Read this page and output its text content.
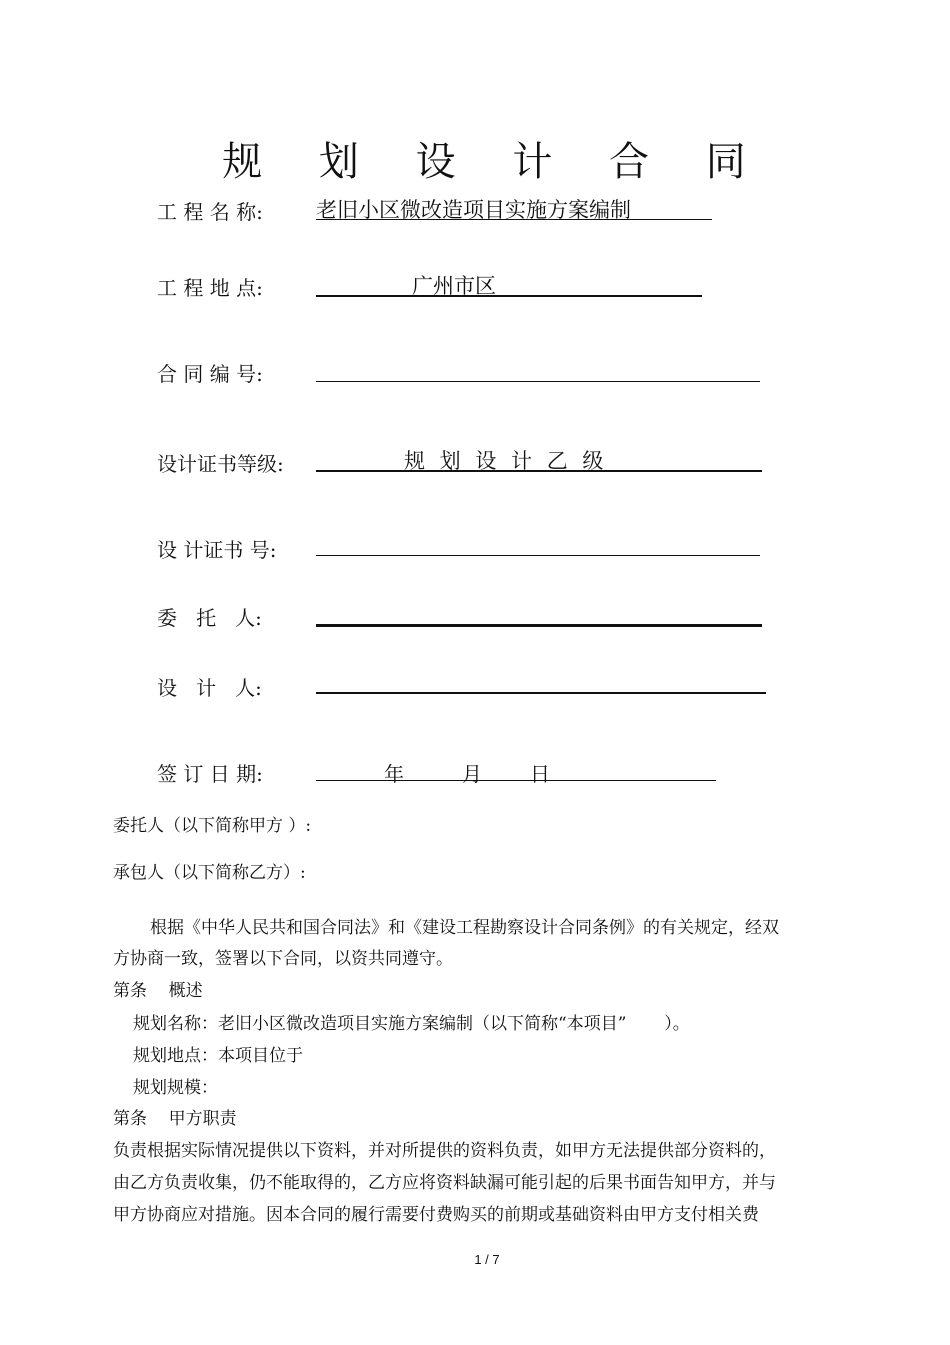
规 划 设 计 合 同
工 程 名 称:	老旧小区微改造项目实施方案编制
工 程 地 点:	广州市区
合 同 编 号:
设计证书等级:	规 划 设 计 乙 级
设 计证书 号:
委   托   人:
设   计   人:
签 订 日 期:	年	月 日
委托人（以下简称甲方 ）:
承包人（以下简称乙方）:
根据《中华人民共和国合同法》和《建设工程勘察设计合同条例》的有关规定，经双
方协商一致，签署以下合同，以资共同遵守。
第条    概述
规划名称：老旧小区微改造项目实施方案编制（以下简称“本项目”       ）。
规划地点：本项目位于
规划规模：
第条    甲方职责
负责根据实际情况提供以下资料，并对所提供的资料负责，如甲方无法提供部分资料的，
由乙方负责收集，仍不能取得的，乙方应将资料缺漏可能引起的后果书面告知甲方，并与
甲方协商应对措施。因本合同的履行需要付费购买的前期或基础资料由甲方支付相关费
1 / 7
